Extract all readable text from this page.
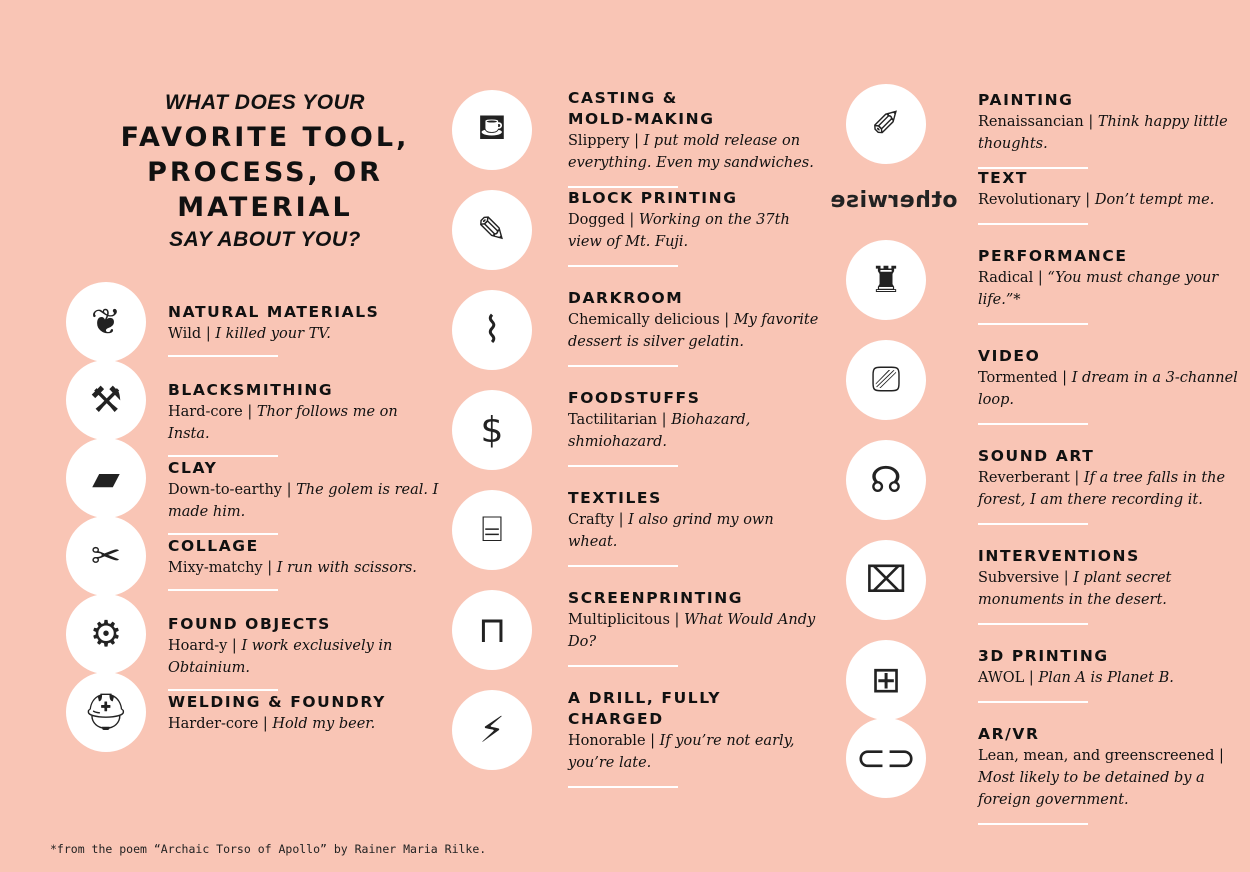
WHAT DOES YOUR
FAVORITE TOOL,
PROCESS, OR
MATERIAL
SAY ABOUT YOU?
❦	NATURAL MATERIALS
Wild | I killed your TV.
⚒	BLACKSMITHING
Hard-core | Thor follows me on Insta.
▰	CLAY
Down-to-earthy | The golem is real. I made him.
✂	COLLAGE
Mixy-matchy | I run with scissors.
⚙	FOUND OBJECTS
Hoard-y | I work exclusively in Obtainium.
⛑	WELDING & FOUNDRY
Harder-core | Hold my beer.
⛾
CASTING &
MOLD-MAKING
Slippery | I put mold release on everything. Even my sandwiches.
✎
BLOCK PRINTING
Dogged | Working on the 37th view of Mt. Fuji.
⌇
DARKROOM
Chemically delicious | My favorite dessert is silver gelatin.
$
FOODSTUFFS
Tactilitarian | Biohazard, shmiohazard.
⌸
TEXTILES
Crafty | I also grind my own wheat.
⊓
SCREENPRINTING
Multiplicitous | What Would Andy Do?
⚡
A DRILL, FULLY CHARGED
Honorable | If you’re not early, you’re late.
✐
PAINTING
Renaissancian | Think happy little thoughts.
otherwise
TEXT
Revolutionary | Don’t tempt me.
♜
PERFORMANCE
Radical | “You must change your life.”*
⎚
VIDEO
Tormented | I dream in a 3-channel loop.
☊
SOUND ART
Reverberant | If a tree falls in the forest, I am there recording it.
⌧
INTERVENTIONS
Subversive | I plant secret monuments in the desert.
⊞
3D PRINTING
AWOL | Plan A is Planet B.
⊂⊃
AR/VR
Lean, mean, and greenscreened | Most likely to be detained by a foreign government.
*from the poem “Archaic Torso of Apollo” by Rainer Maria Rilke.
